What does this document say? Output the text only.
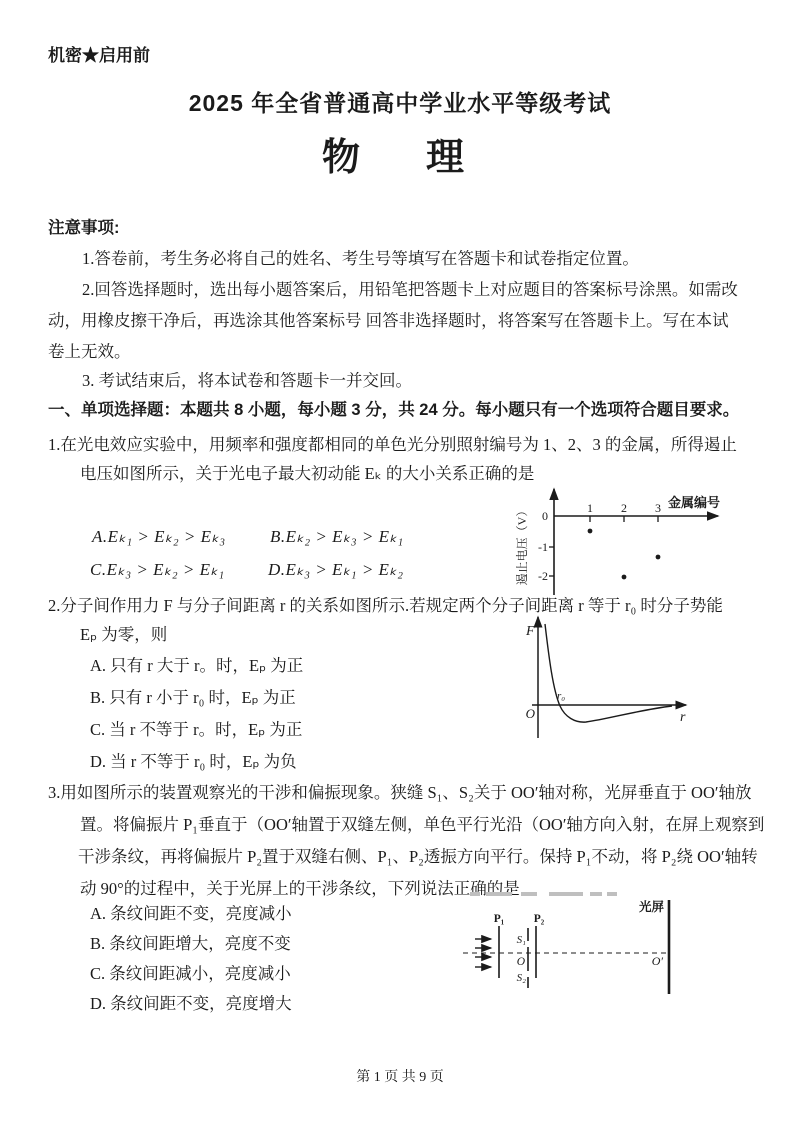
机密★启用前
2025 年全省普通高中学业水平等级考试
物　理
注意事项:
1.答卷前，考生务必将自己的姓名、考生号等填写在答题卡和试卷指定位置。
2.回答选择题时，选出每小题答案后，用铅笔把答题卡上对应题目的答案标号涂黑。如需改
动，用橡皮擦干净后，再选涂其他答案标号 回答非选择题时，将答案写在答题卡上。写在本试
卷上无效。
3. 考试结束后，将本试卷和答题卡一并交回。
一、单项选择题：本题共 8 小题，每小题 3 分，共 24 分。每小题只有一个选项符合题目要求。
1.在光电效应实验中，用频率和强度都相同的单色光分别照射编号为 1、2、3 的金属，所得遏止
电压如图所示，关于光电子最大初动能 Eₖ 的大小关系正确的是
A.Eₖ₁ > Eₖ₂ > Eₖ₃	B.Eₖ₂ > Eₖ₃ > Eₖ₁
C.Eₖ₃ > Eₖ₂ > Eₖ₁	D.Eₖ₃ > Eₖ₁ > Eₖ₂
1 2 3
0
-1
-2
金属编号
遏止电压（V）
2.分子间作用力 F 与分子间距离 r 的关系如图所示.若规定两个分子间距离 r 等于 r₀ 时分子势能
Eₚ 为零，则
A. 只有 r 大于 r。时，Eₚ 为正
B. 只有 r 小于 r₀ 时，Eₚ 为正
C. 当 r 不等于 r。时，Eₚ 为正
D. 当 r 不等于 r₀ 时，Eₚ 为负
F
O
r₀
r
3.用如图所示的装置观察光的干涉和偏振现象。狭缝 S₁、S₂关于 OO′轴对称，光屏垂直于 OO′轴放
置。将偏振片 P₁垂直于（OO′轴置于双缝左侧，单色平行光沿（OO′轴方向入射，在屏上观察到
干涉条纹，再将偏振片 P₂置于双缝右侧、P₁、P₂透振方向平行。保持 P₁不动，将 P₂绕 OO′轴转
动 90°的过程中，关于光屏上的干涉条纹，下列说法正确的是
A. 条纹间距不变，亮度减小
B. 条纹间距增大，亮度不变
C. 条纹间距减小，亮度减小
D. 条纹间距不变，亮度增大
P₁	P₂
S₁
S₂
O	O′
光屏
第 1 页 共 9 页
